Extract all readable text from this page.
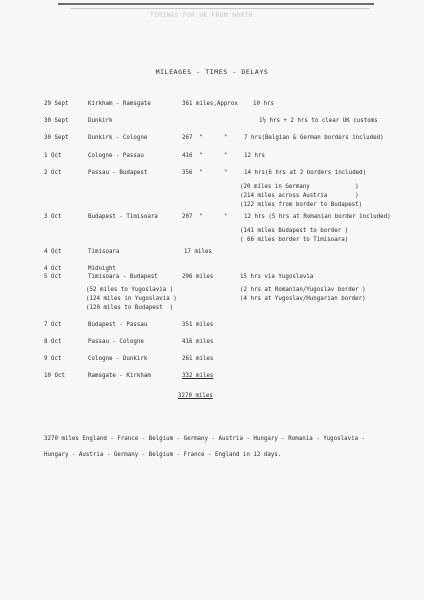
TIMINGS FOR UK FROM NORTH
MILEAGES - TIMES - DELAYS
29 Sept	Kirkham - Ramsgate	361 miles,Approx	10 hrs
30 Sept	Dunkirk	1½ hrs + 2 hrs to clear UK customs
30 Sept	Dunkirk - Cologne	267  "      "	7 hrs(Belgian & German borders included)
1 Oct	Cologne - Passau	416  "      "	12 hrs
2 Oct	Passau - Budapest	356  "      "	14 hrs(6 hrs at 2 borders included)
(20 miles in Germany             )
(214 miles across Austria        )
(122 miles from border to Budapest)
3 Oct	Budapest - Timisoara	207  "      "	12 hrs (5 hrs at Romanian border included)
(141 miles Budapest to border )
( 66 miles border to Timisoara)
4 Oct	Timisoara	17 miles
4 Oct	Midnight
5 Oct	Timisoara - Budapest	296 miles	15 hrs via Yugoslavia
(52 miles to Yugoslavia )
(124 miles in Yugoslavia )
(120 miles to Budapest  )
(2 hrs at Romanian/Yugoslav border )
(4 hrs at Yugoslav/Hungarian border)
7 Oct	Budapest - Passau	351 miles
8 Oct	Passau - Cologne	416 miles
9 Oct	Cologne - Dunkirk	261 miles
10 Oct	Ramsgate - Kirkham	332 miles
3270 miles
3270 miles England - France - Belgium - Germany - Austria - Hungary - Romania - Yugoslavia -
Hungary - Austria - Germany - Belgium - France - England in 12 days.
